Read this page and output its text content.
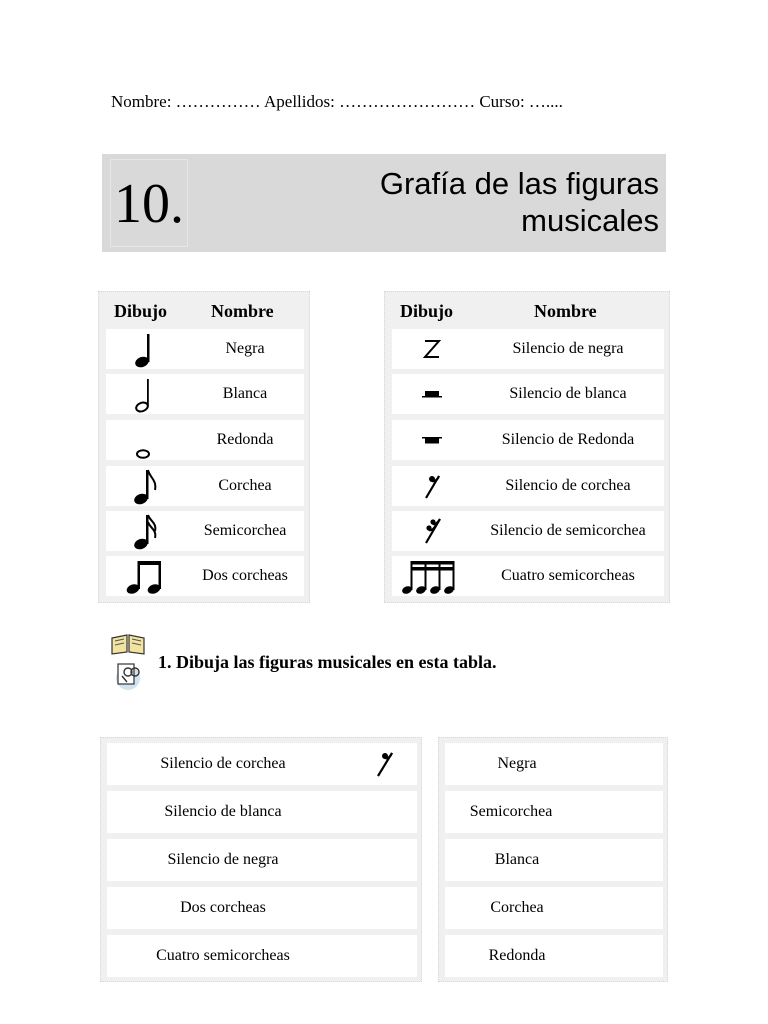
Nombre: …………… Apellidos: …………………… Curso: …....
10.	Grafía de las figuras
musicales
Dibujo Nombre
Negra
Blanca
Redonda
Corchea
Semicorchea
Dos corcheas
Dibujo	Nombre
Silencio de negra
Silencio de blanca
Silencio de Redonda
Silencio de corchea
Silencio de semicorchea
Cuatro semicorcheas
1. Dibuja las figuras musicales en esta tabla.
Silencio de corchea
Silencio de blanca
Silencio de negra
Dos corcheas
Cuatro semicorcheas
Negra
Semicorchea
Blanca
Corchea
Redonda
